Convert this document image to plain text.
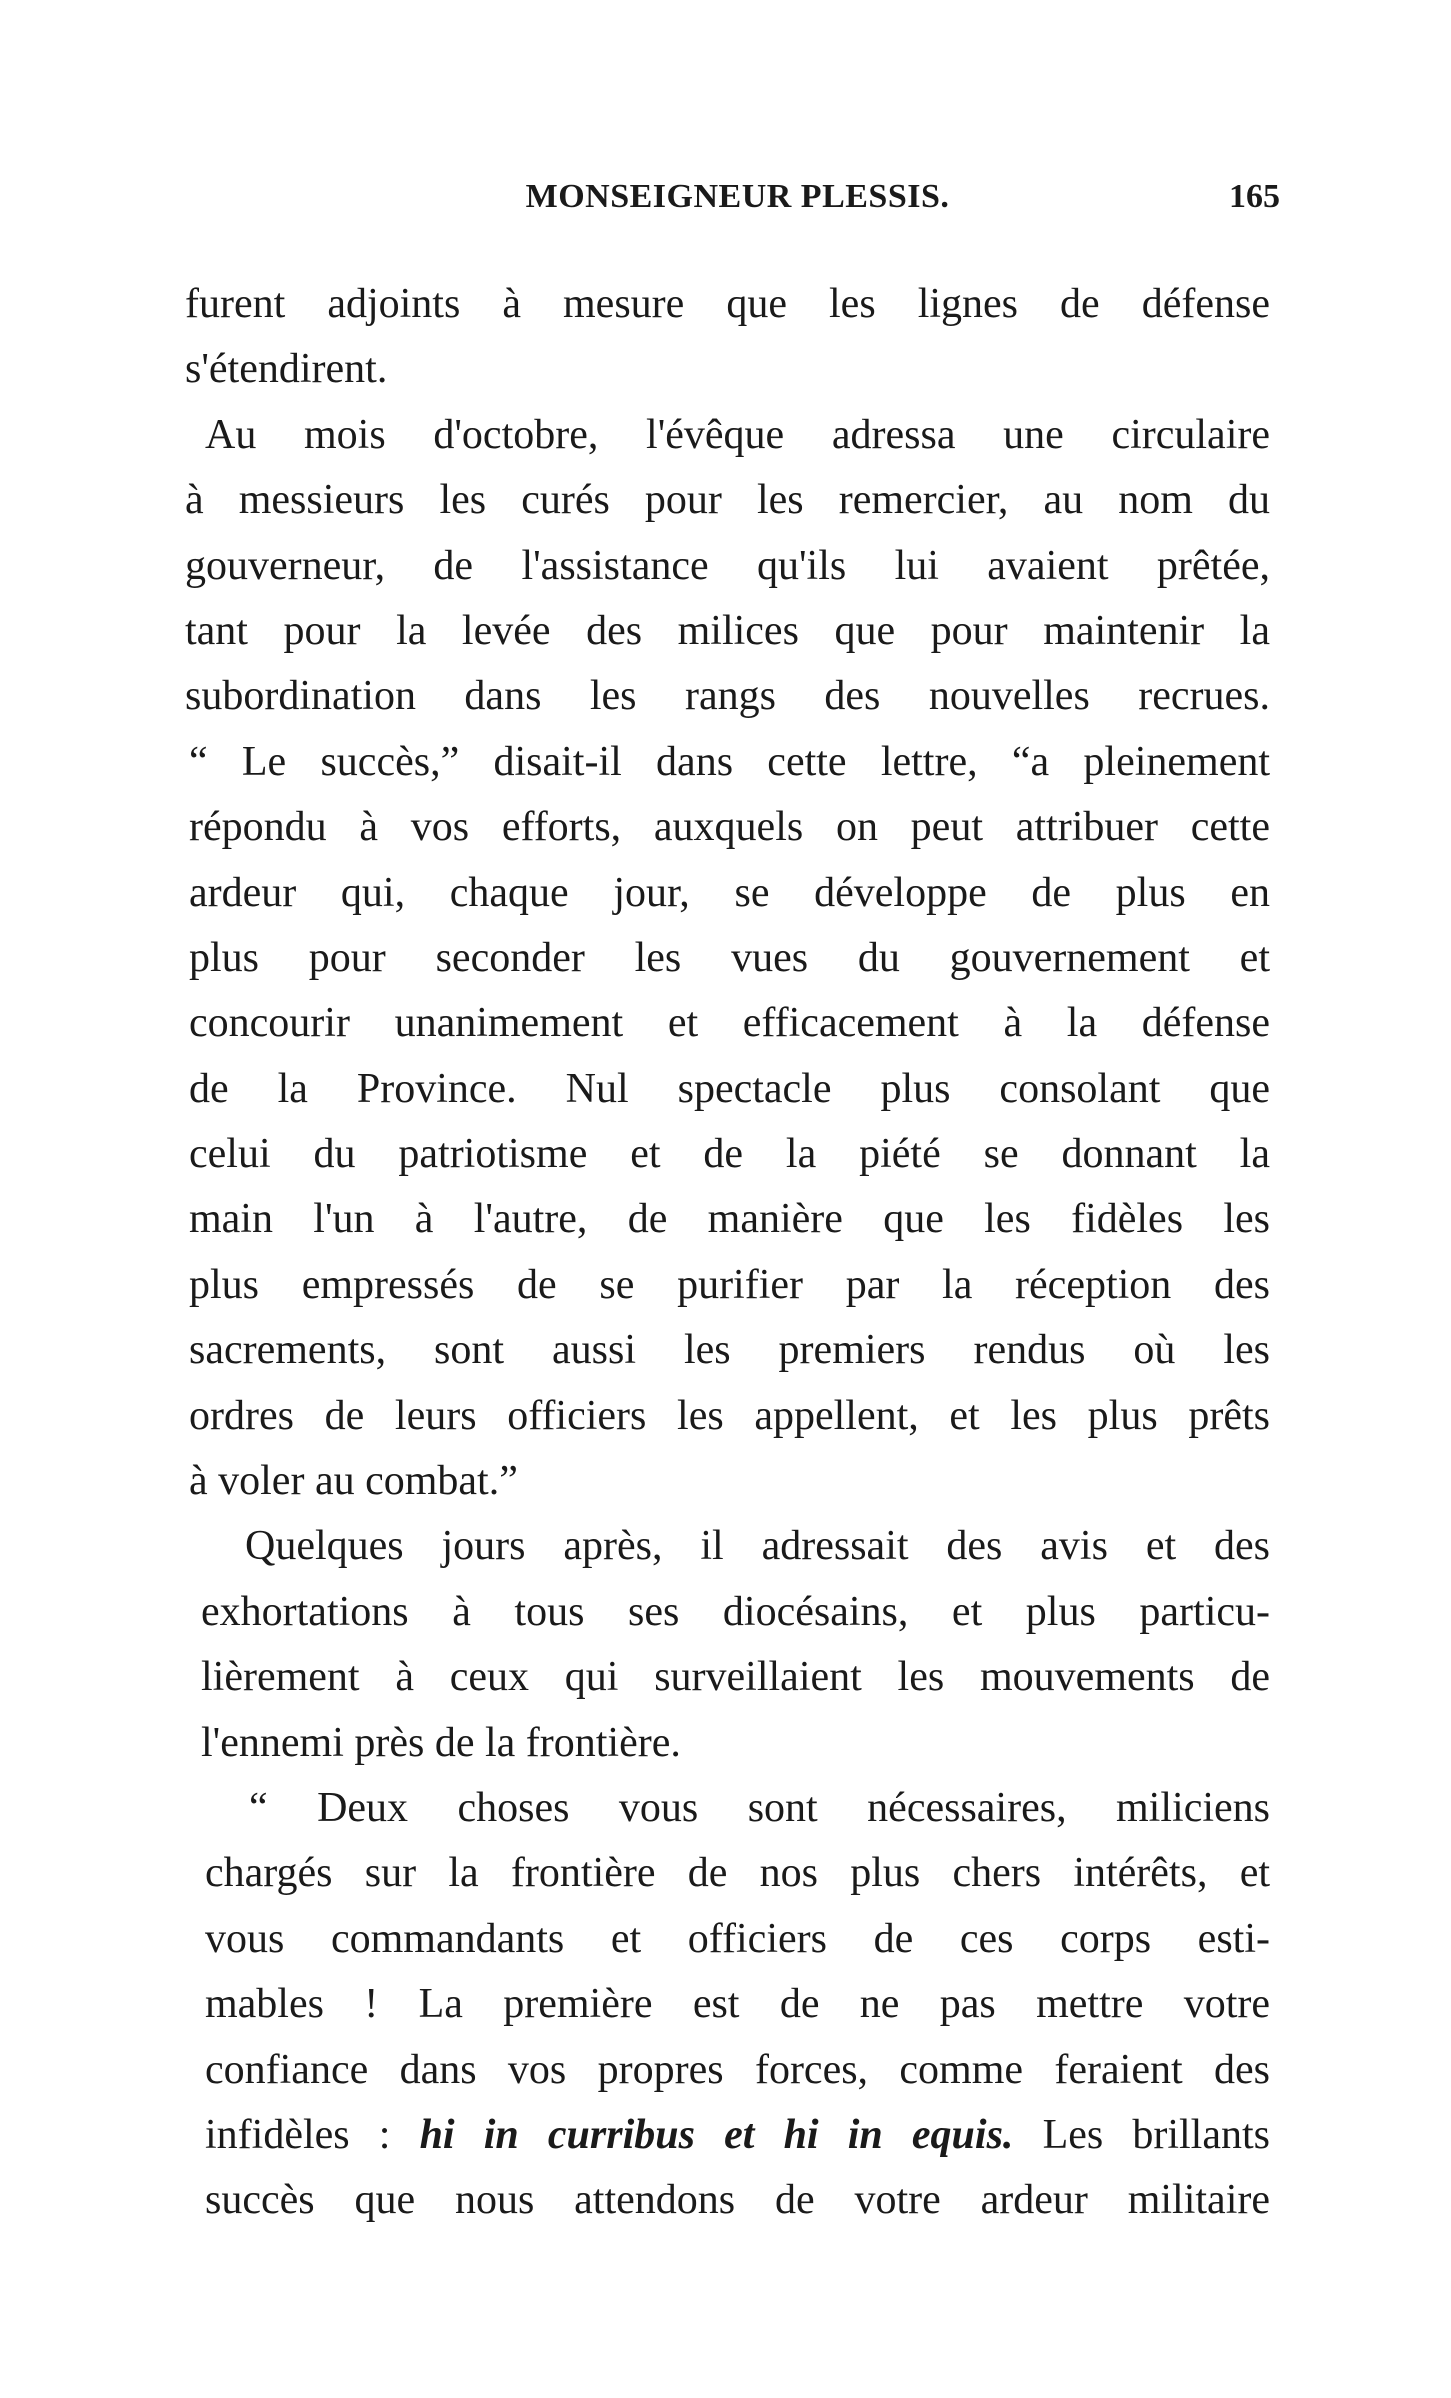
MONSEIGNEUR PLESSIS.	165
furent adjoints à mesure que les lignes de défense
s'étendirent.
Au mois d'octobre, l'évêque adressa une circulaire
à messieurs les curés pour les remercier, au nom du
gouverneur, de l'assistance qu'ils lui avaient prêtée,
tant pour la levée des milices que pour maintenir la
subordination dans les rangs des nouvelles recrues.
“ Le succès,” disait-il dans cette lettre, “a pleinement
répondu à vos efforts, auxquels on peut attribuer cette
ardeur qui, chaque jour, se développe de plus en
plus pour seconder les vues du gouvernement et
concourir unanimement et efficacement à la défense
de la Province. Nul spectacle plus consolant que
celui du patriotisme et de la piété se donnant la
main l'un à l'autre, de manière que les fidèles les
plus empressés de se purifier par la réception des
sacrements, sont aussi les premiers rendus où les
ordres de leurs officiers les appellent, et les plus prêts
à voler au combat.”
Quelques jours après, il adressait des avis et des
exhortations à tous ses diocésains, et plus particu-
lièrement à ceux qui surveillaient les mouvements de
l'ennemi près de la frontière.
“ Deux choses vous sont nécessaires, miliciens
chargés sur la frontière de nos plus chers intérêts, et
vous commandants et officiers de ces corps esti-
mables ! La première est de ne pas mettre votre
confiance dans vos propres forces, comme feraient des
infidèles : hi in curribus et hi in equis. Les brillants
succès que nous attendons de votre ardeur militaire
